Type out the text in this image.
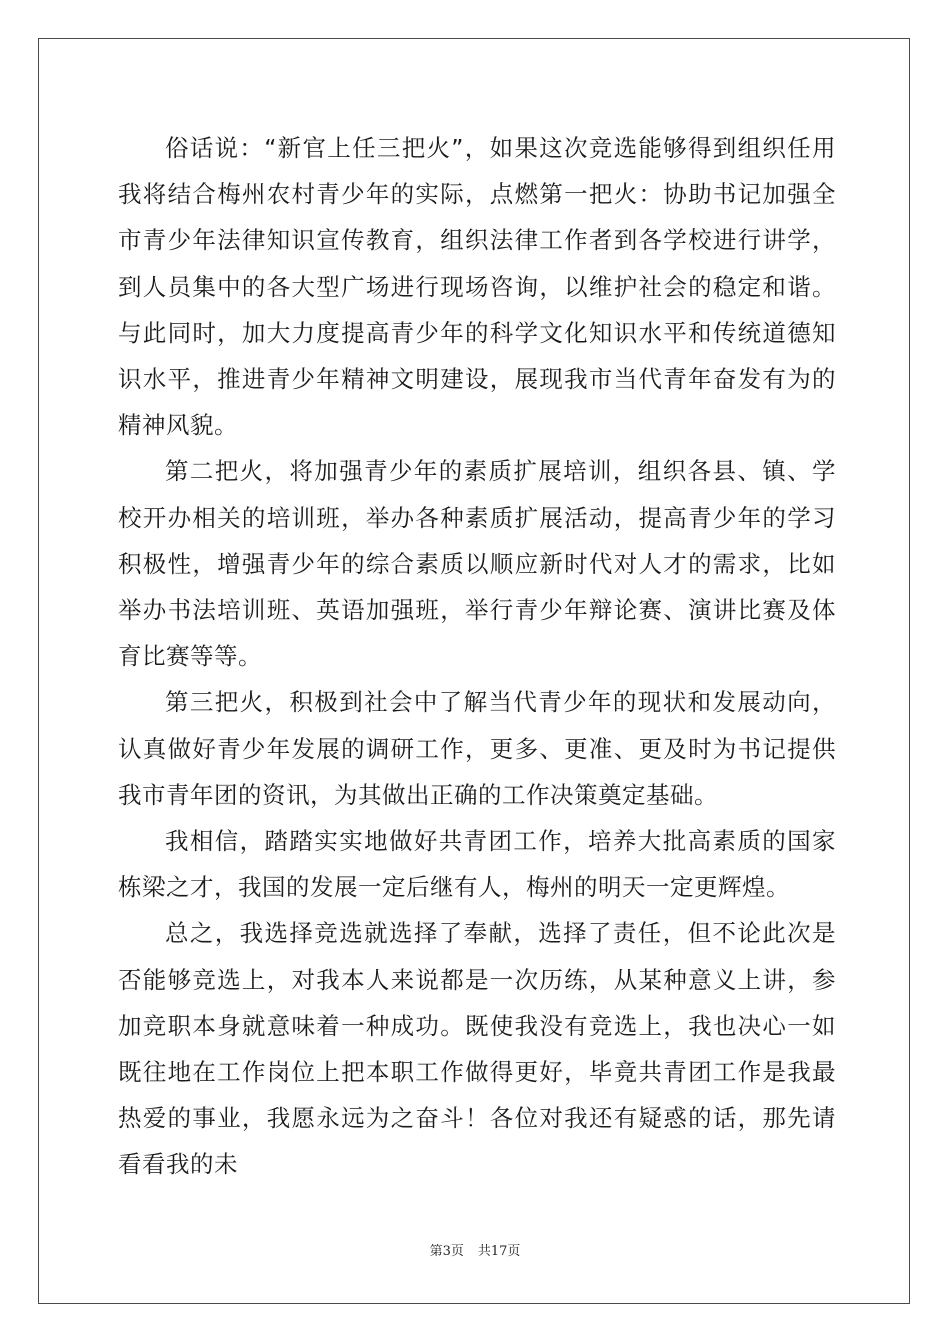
俗话说：“新官上任三把火”，如果这次竞选能够得到组织任用我将结合梅州农村青少年的实际，点燃第一把火：协助书记加强全市青少年法律知识宣传教育，组织法律工作者到各学校进行讲学，到人员集中的各大型广场进行现场咨询，以维护社会的稳定和谐。与此同时，加大力度提高青少年的科学文化知识水平和传统道德知识水平，推进青少年精神文明建设，展现我市当代青年奋发有为的精神风貌。

第二把火，将加强青少年的素质扩展培训，组织各县、镇、学校开办相关的培训班，举办各种素质扩展活动，提高青少年的学习积极性，增强青少年的综合素质以顺应新时代对人才的需求，比如举办书法培训班、英语加强班，举行青少年辩论赛、演讲比赛及体育比赛等等。

第三把火，积极到社会中了解当代青少年的现状和发展动向，认真做好青少年发展的调研工作，更多、更准、更及时为书记提供我市青年团的资讯，为其做出正确的工作决策奠定基础。

我相信，踏踏实实地做好共青团工作，培养大批高素质的国家栋梁之才，我国的发展一定后继有人，梅州的明天一定更辉煌。

总之，我选择竞选就选择了奉献，选择了责任，但不论此次是否能够竞选上，对我本人来说都是一次历练，从某种意义上讲，参加竞职本身就意味着一种成功。既使我没有竞选上，我也决心一如既往地在工作岗位上把本职工作做得更好，毕竟共青团工作是我最热爱的事业，我愿永远为之奋斗！各位对我还有疑惑的话，那先请看看我的未

第3页 共17页
